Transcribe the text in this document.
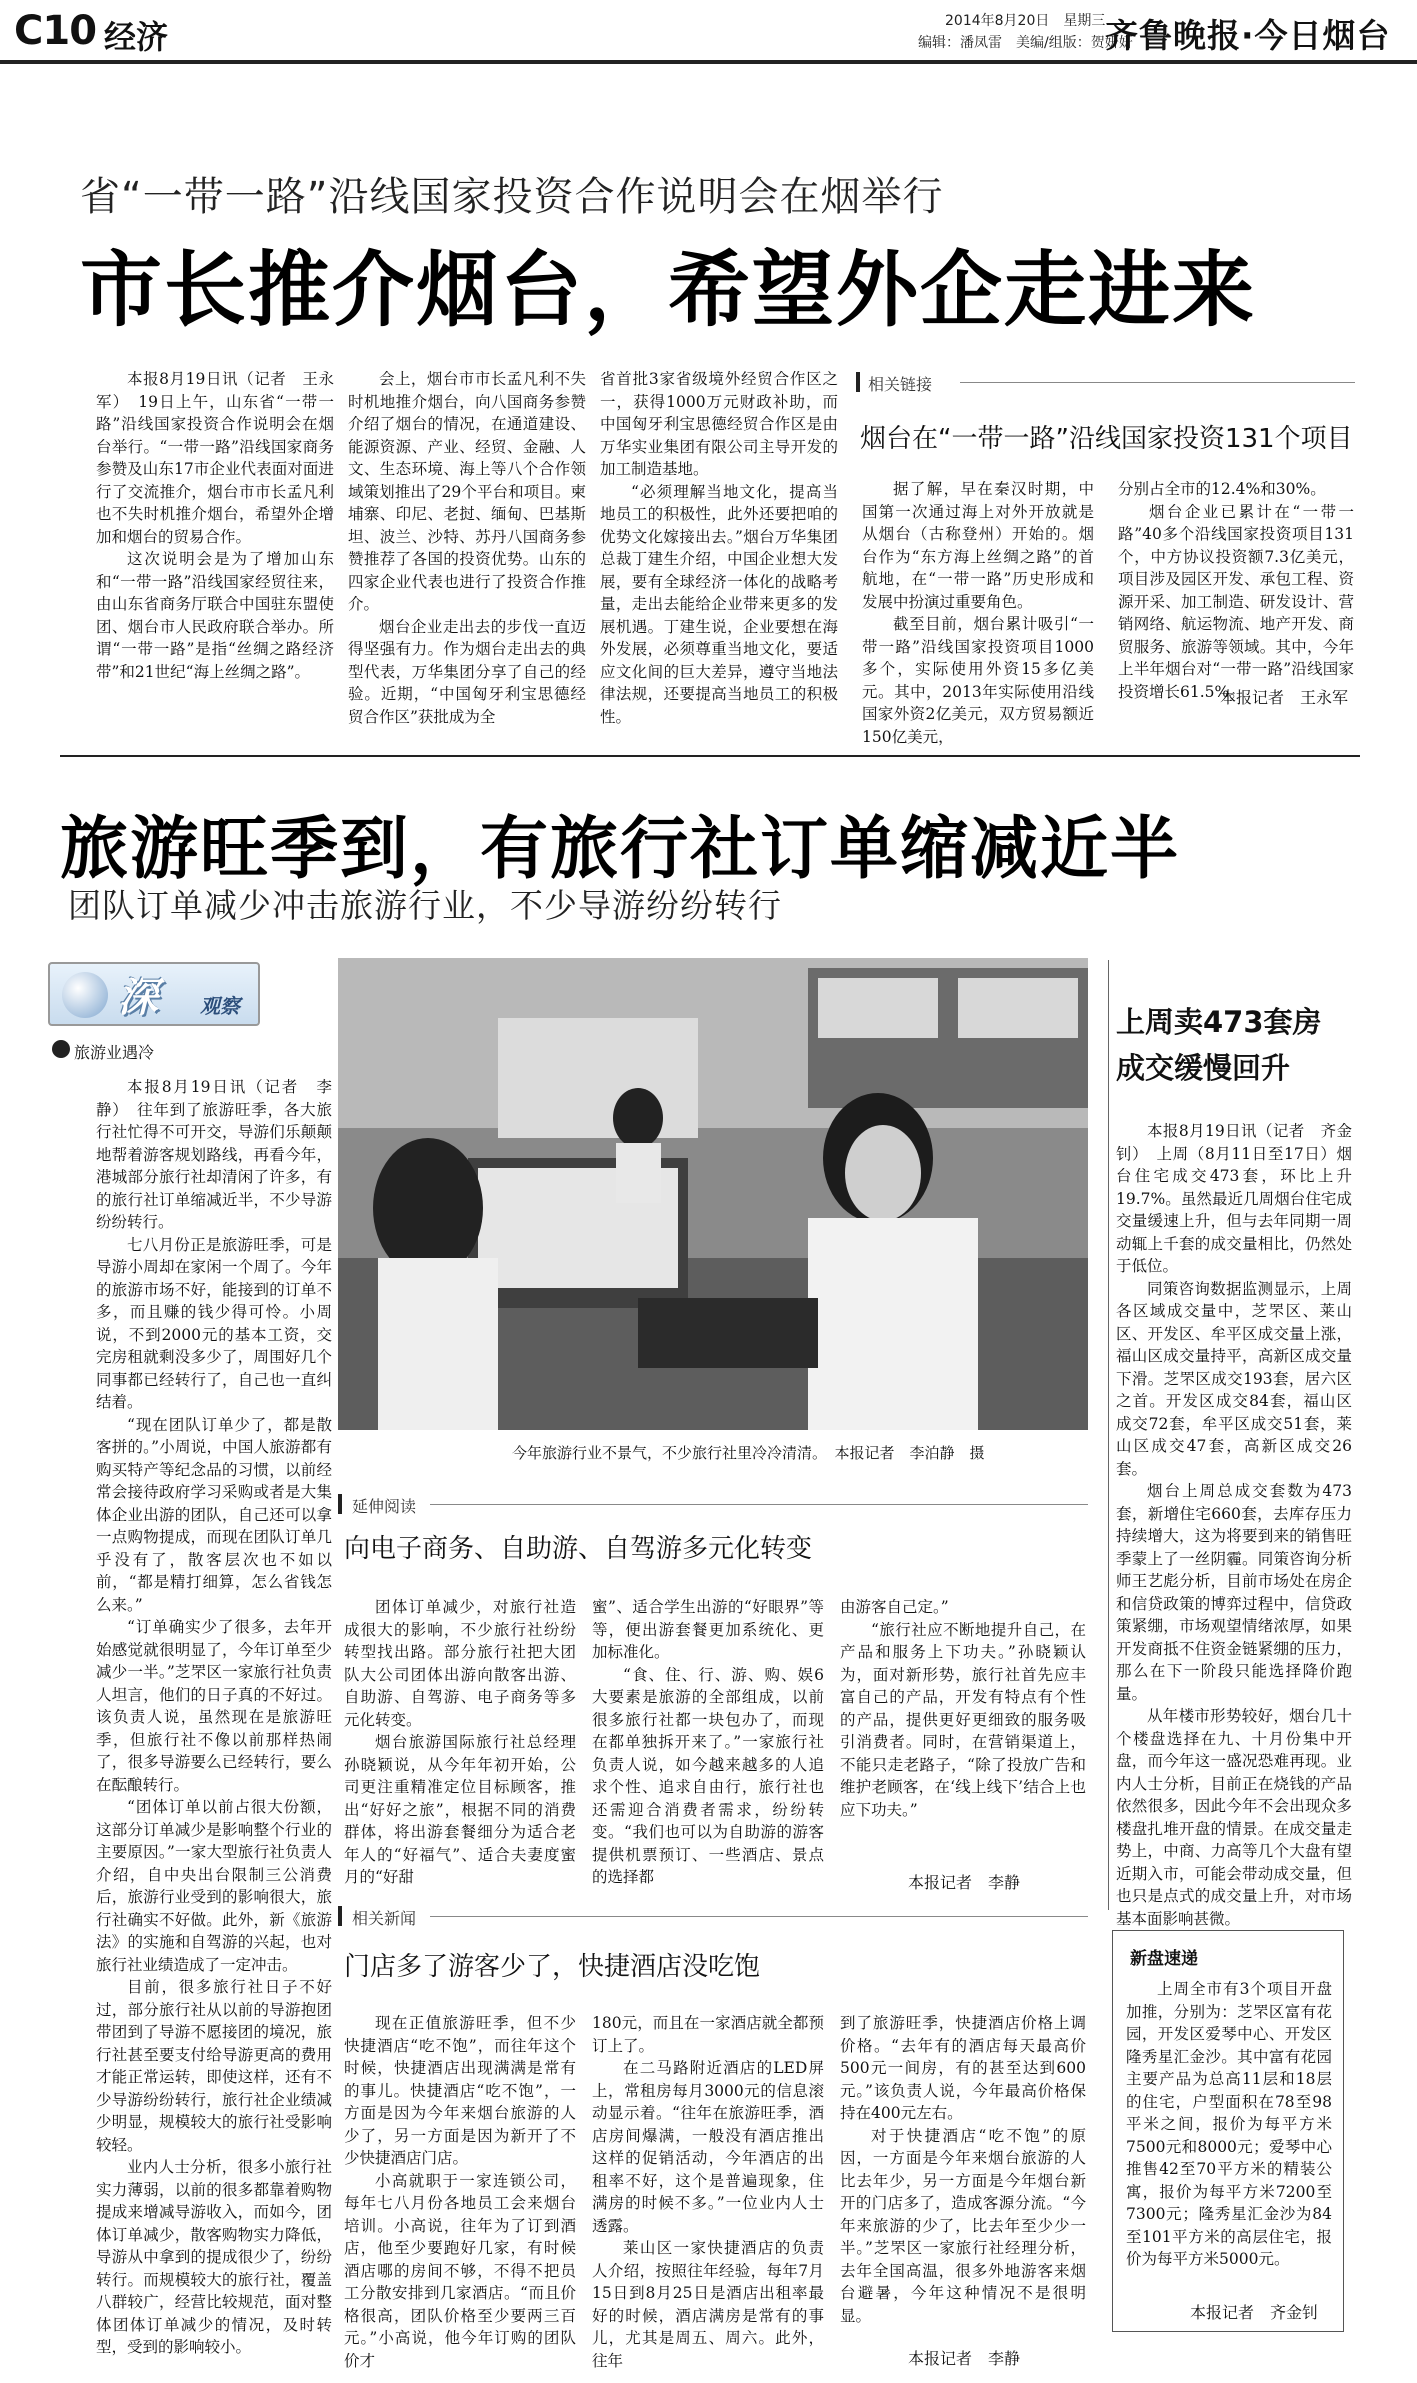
C10 经济	2014年8月20日　星期三
编辑：潘凤雷　美编/组版：贺妍妍
齐鲁晚报·今日烟台
省“一带一路”沿线国家投资合作说明会在烟举行
市长推介烟台，希望外企走进来

本报8月19日讯（记者　王永军）　19日上午，山东省“一带一路”沿线国家投资合作说明会在烟台举行。“一带一路”沿线国家商务参赞及山东17市企业代表面对面进行了交流推介，烟台市市长孟凡利也不失时机推介烟台，希望外企增加和烟台的贸易合作。

这次说明会是为了增加山东和“一带一路”沿线国家经贸往来，由山东省商务厅联合中国驻东盟使团、烟台市人民政府联合举办。所谓“一带一路”是指“丝绸之路经济带”和21世纪“海上丝绸之路”。

会上，烟台市市长孟凡利不失时机地推介烟台，向八国商务参赞介绍了烟台的情况，在通道建设、能源资源、产业、经贸、金融、人文、生态环境、海上等八个合作领域策划推出了29个平台和项目。柬埔寨、印尼、老挝、缅甸、巴基斯坦、波兰、沙特、苏丹八国商务参赞推荐了各国的投资优势。山东的四家企业代表也进行了投资合作推介。

烟台企业走出去的步伐一直迈得坚强有力。作为烟台走出去的典型代表，万华集团分享了自己的经验。近期，“中国匈牙利宝思德经贸合作区”获批成为全

省首批3家省级境外经贸合作区之一，获得1000万元财政补助，而中国匈牙利宝思德经贸合作区是由万华实业集团有限公司主导开发的加工制造基地。

“必须理解当地文化，提高当地员工的积极性，此外还要把咱的优势文化嫁接出去。”烟台万华集团总裁丁建生介绍，中国企业想大发展，要有全球经济一体化的战略考量，走出去能给企业带来更多的发展机遇。丁建生说，企业要想在海外发展，必须尊重当地文化，要适应文化间的巨大差异，遵守当地法律法规，还要提高当地员工的积极性。

相关链接
烟台在“一带一路”沿线国家投资131个项目

据了解，早在秦汉时期，中国第一次通过海上对外开放就是从烟台（古称登州）开始的。烟台作为“东方海上丝绸之路”的首航地，在“一带一路”历史形成和发展中扮演过重要角色。

截至目前，烟台累计吸引“一带一路”沿线国家投资项目1000多个，实际使用外资15多亿美元。其中，2013年实际使用沿线国家外资2亿美元，双方贸易额近150亿美元，

分别占全市的12.4%和30%。

烟台企业已累计在“一带一路”40多个沿线国家投资项目131个，中方协议投资额7.3亿美元，项目涉及园区开发、承包工程、资源开采、加工制造、研发设计、营销网络、航运物流、地产开发、商贸服务、旅游等领域。其中，今年上半年烟台对“一带一路”沿线国家投资增长61.5%。

本报记者　王永军
旅游旺季到，有旅行社订单缩减近半
团队订单减少冲击旅游行业，不少导游纷纷转行
深 观察
旅游业遇冷

本报8月19日讯（记者　李静）　往年到了旅游旺季，各大旅行社忙得不可开交，导游们乐颠颠地帮着游客规划路线，再看今年，港城部分旅行社却清闲了许多，有的旅行社订单缩减近半，不少导游纷纷转行。

七八月份正是旅游旺季，可是导游小周却在家闲一个周了。今年的旅游市场不好，能接到的订单不多，而且赚的钱少得可怜。小周说，不到2000元的基本工资，交完房租就剩没多少了，周围好几个同事都已经转行了，自己也一直纠结着。

“现在团队订单少了，都是散客拼的。”小周说，中国人旅游都有购买特产等纪念品的习惯，以前经常会接待政府学习采购或者是大集体企业出游的团队，自己还可以拿一点购物提成，而现在团队订单几乎没有了，散客层次也不如以前，“都是精打细算，怎么省钱怎么来。”

“订单确实少了很多，去年开始感觉就很明显了，今年订单至少减少一半。”芝罘区一家旅行社负责人坦言，他们的日子真的不好过。该负责人说，虽然现在是旅游旺季，但旅行社不像以前那样热闹了，很多导游要么已经转行，要么在酝酿转行。

“团体订单以前占很大份额，这部分订单减少是影响整个行业的主要原因。”一家大型旅行社负责人介绍，自中央出台限制三公消费后，旅游行业受到的影响很大，旅行社确实不好做。此外，新《旅游法》的实施和自驾游的兴起，也对旅行社业绩造成了一定冲击。

目前，很多旅行社日子不好过，部分旅行社从以前的导游抱团带团到了导游不愿接团的境况，旅行社甚至要支付给导游更高的费用才能正常运转，即使这样，还有不少导游纷纷转行，旅行社企业绩减少明显，规模较大的旅行社受影响较轻。

业内人士分析，很多小旅行社实力薄弱，以前的很多都靠着购物提成来增减导游收入，而如今，团体订单减少，散客购物实力降低，导游从中拿到的提成很少了，纷纷转行。而规模较大的旅行社，覆盖八群较广，经营比较规范，面对整体团体订单减少的情况，及时转型，受到的影响较小。

今年旅游行业不景气，不少旅行社里冷冷清清。　本报记者　李泊静　摄
延伸阅读
向电子商务、自助游、自驾游多元化转变

团体订单减少，对旅行社造成很大的影响，不少旅行社纷纷转型找出路。部分旅行社把大团队大公司团体出游向散客出游、自助游、自驾游、电子商务等多元化转变。

烟台旅游国际旅行社总经理孙晓颖说，从今年年初开始，公司更注重精准定位目标顾客，推出“好好之旅”，根据不同的消费群体，将出游套餐细分为适合老年人的“好福气”、适合夫妻度蜜月的“好甜

蜜”、适合学生出游的“好眼界”等等，便出游套餐更加系统化、更加标准化。

“食、住、行、游、购、娱6大要素是旅游的全部组成，以前很多旅行社都一块包办了，而现在都单独拆开来了。”一家旅行社负责人说，如今越来越多的人追求个性、追求自由行，旅行社也还需迎合消费者需求，纷纷转变。“我们也可以为自助游的游客提供机票预订、一些酒店、景点的选择都

由游客自己定。”

“旅行社应不断地提升自己，在产品和服务上下功夫。”孙晓颖认为，面对新形势，旅行社首先应丰富自己的产品，开发有特点有个性的产品，提供更好更细致的服务吸引消费者。同时，在营销渠道上，不能只走老路子，“除了投放广告和维护老顾客，在‘线上线下’结合上也应下功夫。”

本报记者　李静
相关新闻
门店多了游客少了，快捷酒店没吃饱

现在正值旅游旺季，但不少快捷酒店“吃不饱”，而往年这个时候，快捷酒店出现满满是常有的事儿。快捷酒店“吃不饱”，一方面是因为今年来烟台旅游的人少了，另一方面是因为新开了不少快捷酒店门店。

小高就职于一家连锁公司，每年七八月份各地员工会来烟台培训。小高说，往年为了订到酒店，他至少要跑好几家，有时候酒店哪的房间不够，不得不把员工分散安排到几家酒店。“而且价格很高，团队价格至少要两三百元。”小高说，他今年订购的团队价才

180元，而且在一家酒店就全都预订上了。

在二马路附近酒店的LED屏上，常租房每月3000元的信息滚动显示着。“往年在旅游旺季，酒店房间爆满，一般没有酒店推出这样的促销活动，今年酒店的出租率不好，这个是普遍现象，住满房的时候不多。”一位业内人士透露。

莱山区一家快捷酒店的负责人介绍，按照往年经验，每年7月15日到8月25日是酒店出租率最好的时候，酒店满房是常有的事儿，尤其是周五、周六。此外，往年

到了旅游旺季，快捷酒店价格上调价格。“去年有的酒店每天最高价500元一间房，有的甚至达到600元。”该负责人说，今年最高价格保持在400元左右。

对于快捷酒店“吃不饱”的原因，一方面是今年来烟台旅游的人比去年少，另一方面是今年烟台新开的门店多了，造成客源分流。“今年来旅游的少了，比去年至少少一半。”芝罘区一家旅行社经理分析，去年全国高温，很多外地游客来烟台避暑，今年这种情况不是很明显。

本报记者　李静
上周卖473套房
成交缓慢回升

本报8月19日讯（记者　齐金钊）　上周（8月11日至17日）烟台住宅成交473套，环比上升19.7%。虽然最近几周烟台住宅成交量缓速上升，但与去年同期一周动辄上千套的成交量相比，仍然处于低位。

同策咨询数据监测显示，上周各区域成交量中，芝罘区、莱山区、开发区、牟平区成交量上涨，福山区成交量持平，高新区成交量下滑。芝罘区成交193套，居六区之首。开发区成交84套，福山区成交72套，牟平区成交51套，莱山区成交47套，高新区成交26套。

烟台上周总成交套数为473套，新增住宅660套，去库存压力持续增大，这为将要到来的销售旺季蒙上了一丝阴霾。同策咨询分析师王艺彪分析，目前市场处在房企和信贷政策的博弈过程中，信贷政策紧绷，市场观望情绪浓厚，如果开发商抵不住资金链紧绷的压力，那么在下一阶段只能选择降价跑量。

从年楼市形势较好，烟台几十个楼盘选择在九、十月份集中开盘，而今年这一盛况恐难再现。业内人士分析，目前正在烧钱的产品依然很多，因此今年不会出现众多楼盘扎堆开盘的情景。在成交量走势上，中商、力高等几个大盘有望近期入市，可能会带动成交量，但也只是点式的成交量上升，对市场基本面影响甚微。

新盘速递

上周全市有3个项目开盘加推，分别为：芝罘区富有花园，开发区爱琴中心、开发区隆秀星汇金沙。其中富有花园主要产品为总高11层和18层的住宅，户型面积在78至98平米之间，报价为每平方米7500元和8000元；爱琴中心推售42至70平方米的精装公寓，报价为每平方米7200至7300元；隆秀星汇金沙为84至101平方米的高层住宅，报价为每平方米5000元。

本报记者　齐金钊
